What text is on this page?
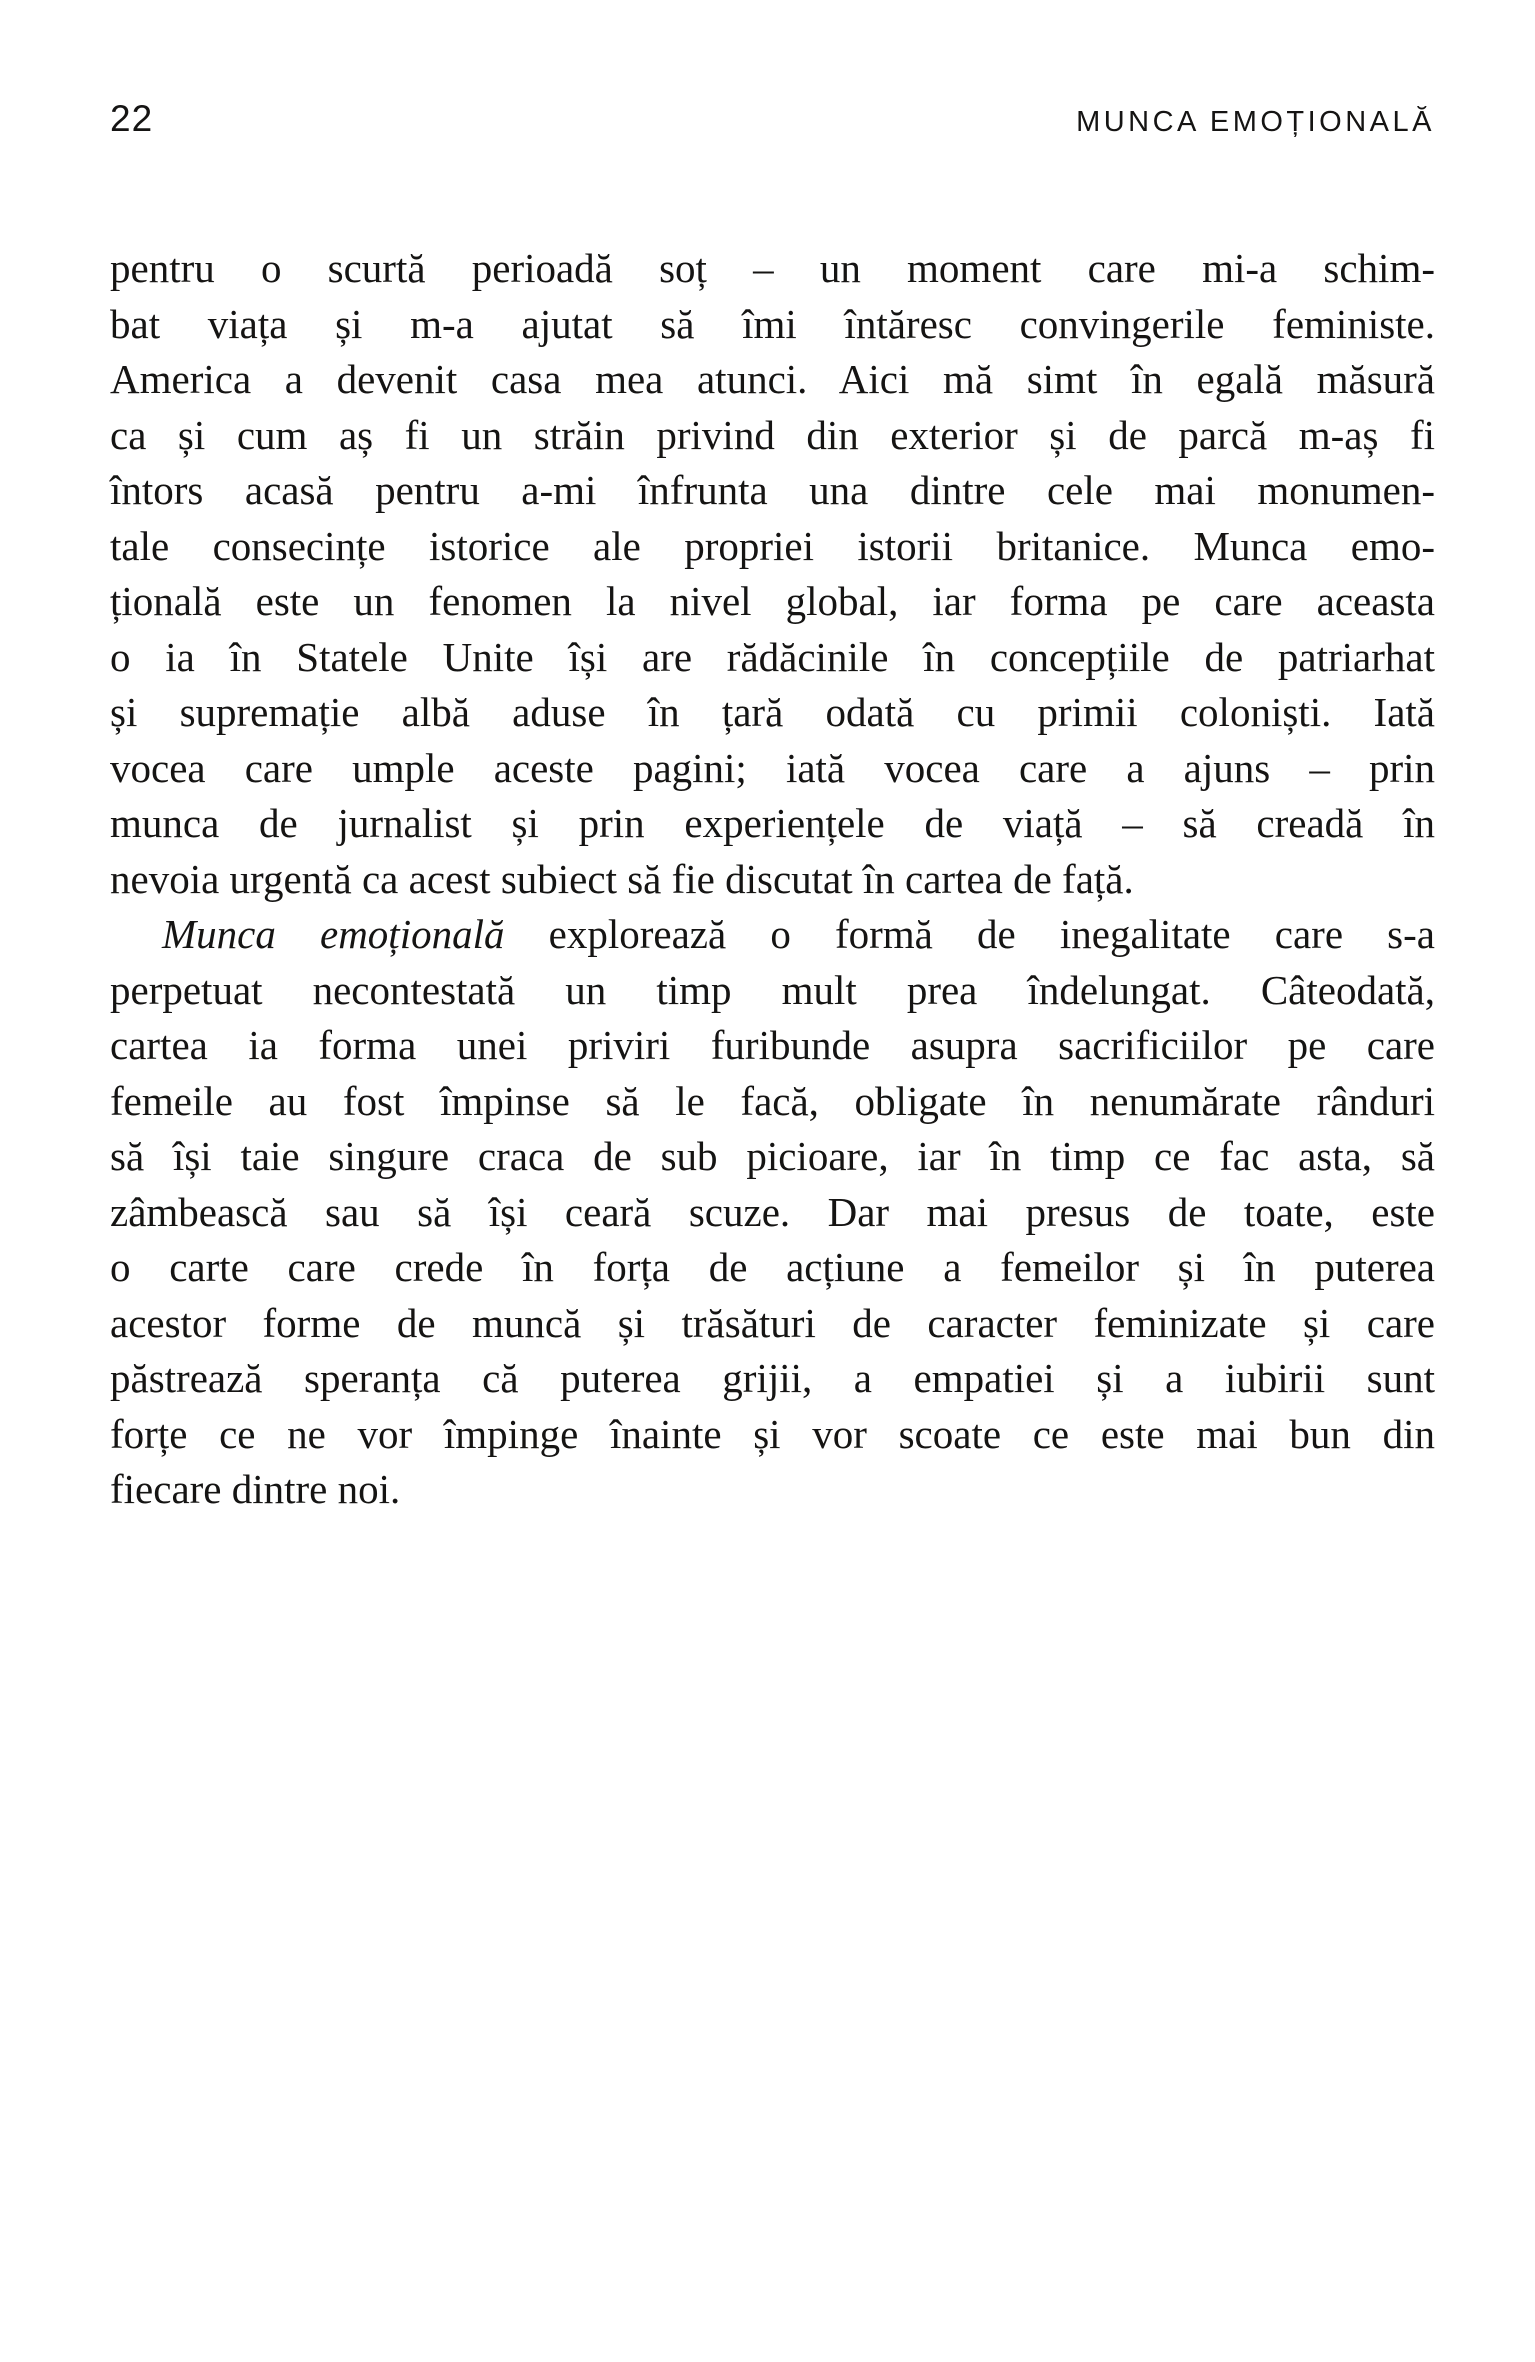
22	MUNCA EMOȚIONALĂ
pentru o scurtă perioadă soț – un moment care mi-a schim-
bat viața și m-a ajutat să îmi întăresc convingerile feministe.
America a devenit casa mea atunci. Aici mă simt în egală măsură
ca și cum aș fi un străin privind din exterior și de parcă m-aș fi
întors acasă pentru a-mi înfrunta una dintre cele mai monumen-
tale consecințe istorice ale propriei istorii britanice. Munca emo-
țională este un fenomen la nivel global, iar forma pe care aceasta
o ia în Statele Unite își are rădăcinile în concepțiile de patriarhat
și supremație albă aduse în țară odată cu primii coloniști. Iată
vocea care umple aceste pagini; iată vocea care a ajuns – prin
munca de jurnalist și prin experiențele de viață – să creadă în
nevoia urgentă ca acest subiect să fie discutat în cartea de față.
Munca emoțională explorează o formă de inegalitate care s-a
perpetuat necontestată un timp mult prea îndelungat. Câteodată,
cartea ia forma unei priviri furibunde asupra sacrificiilor pe care
femeile au fost împinse să le facă, obligate în nenumărate rânduri
să își taie singure craca de sub picioare, iar în timp ce fac asta, să
zâmbească sau să își ceară scuze. Dar mai presus de toate, este
o carte care crede în forța de acțiune a femeilor și în puterea
acestor forme de muncă și trăsături de caracter feminizate și care
păstrează speranța că puterea grijii, a empatiei și a iubirii sunt
forțe ce ne vor împinge înainte și vor scoate ce este mai bun din
fiecare dintre noi.
